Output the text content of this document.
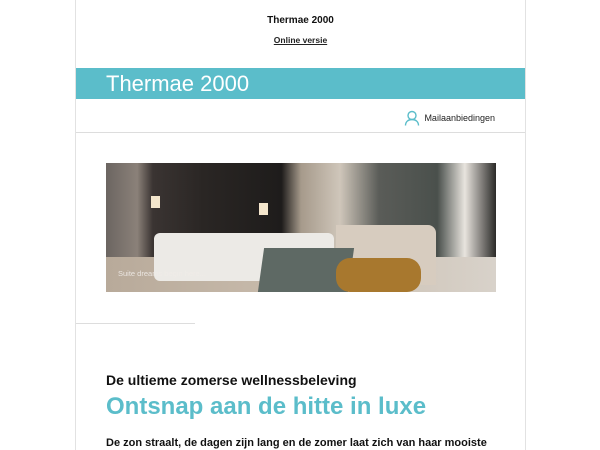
Thermae 2000
Online versie
Thermae 2000
Mailaanbiedingen
Suite dreams begin here...
De ultieme zomerse wellnessbeleving
Ontsnap aan de hitte in luxe
De zon straalt, de dagen zijn lang en de zomer laat zich van haar mooiste
